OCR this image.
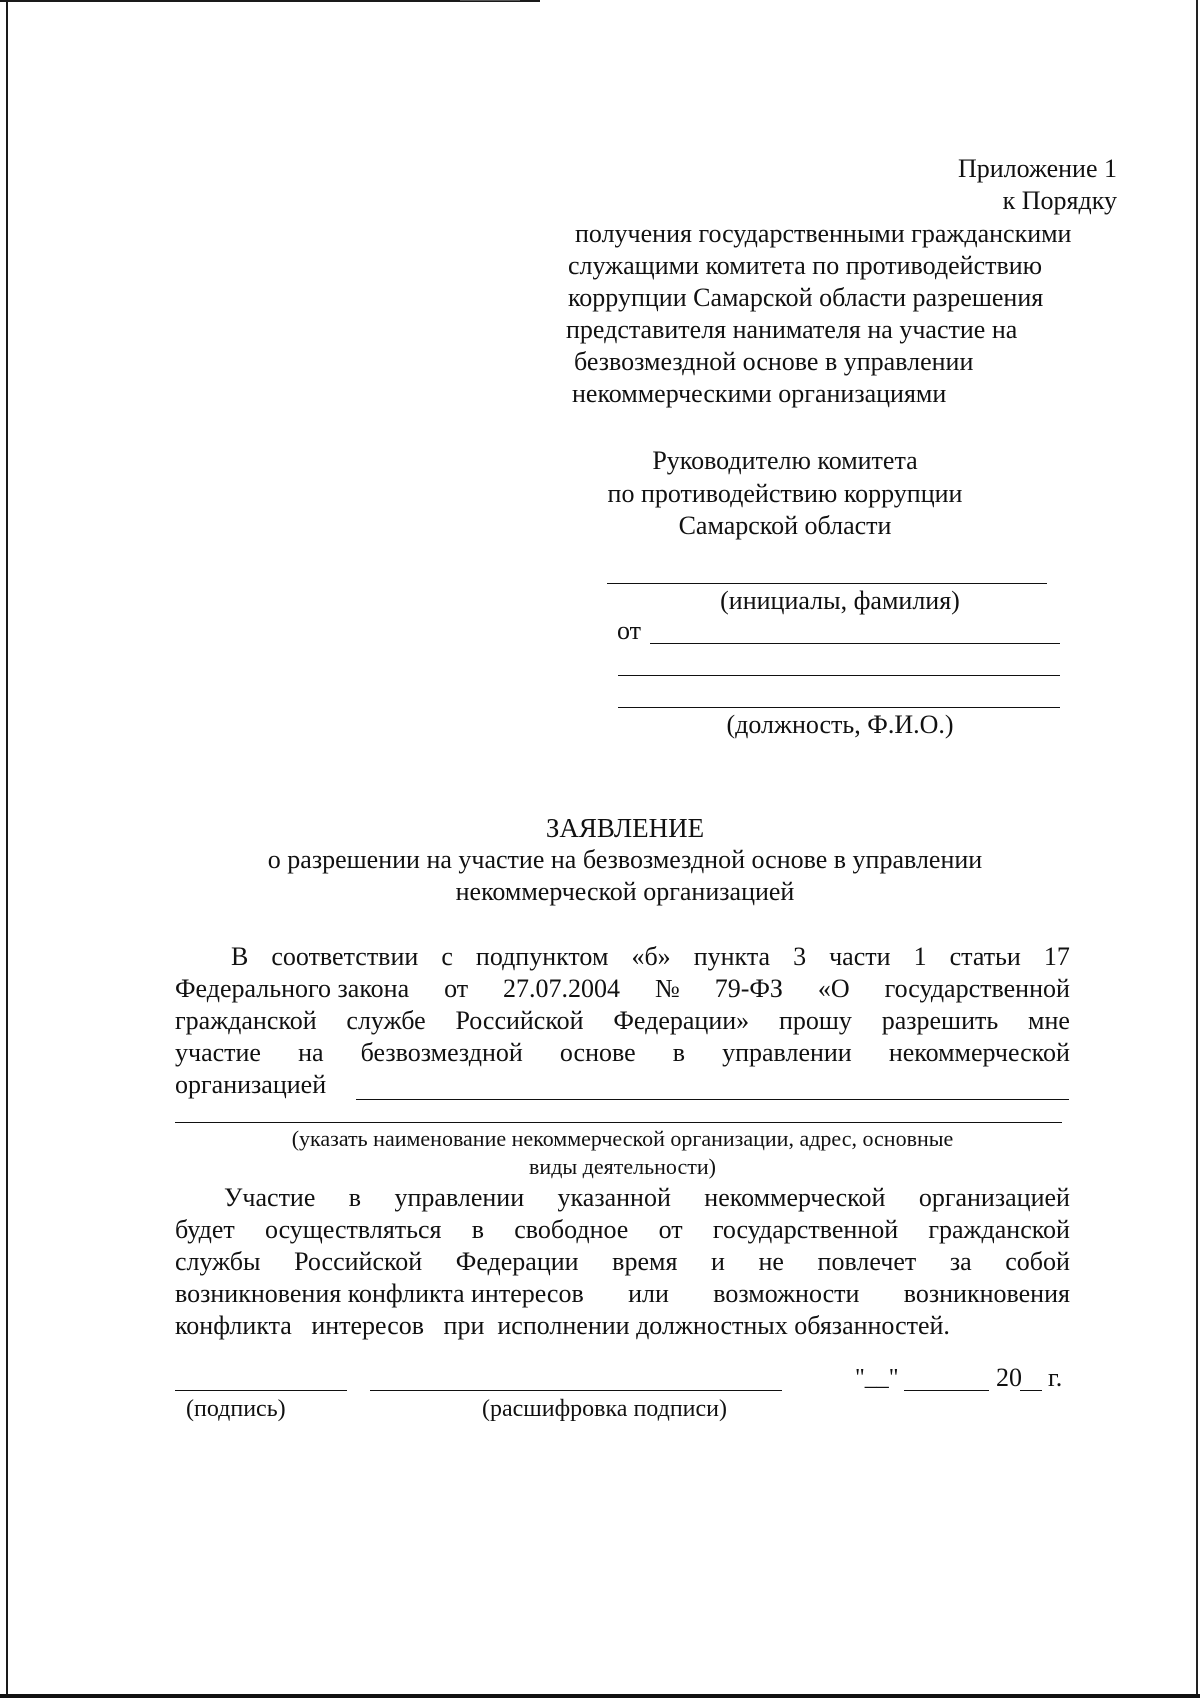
Приложение 1
к Порядку
получения государственными гражданскими
служащими комитета по противодействию
коррупции Самарской области разрешения
представителя нанимателя на участие на
безвозмездной основе в управлении
некоммерческими организациями
Руководителю комитета
по противодействию коррупции
Самарской области
(инициалы, фамилия)
от
(должность, Ф.И.О.)
ЗАЯВЛЕНИЕ
о разрешении на участие на безвозмездной основе в управлении
некоммерческой организацией
В соответствии с подпунктом «б» пункта 3 части 1 статьи 17
Федерального закона от 27.07.2004 № 79-ФЗ «О государственной
гражданской службе Российской Федерации» прошу разрешить мне
участие на безвозмездной основе в управлении некоммерческой
организацией
(указать наименование некоммерческой организации, адрес, основные
виды деятельности)
Участие в управлении указанной некоммерческой организацией
будет осуществляться в свободное от государственной гражданской
службы Российской Федерации время и не повлечет за собой
возникновения конфликта интересов или возможности возникновения
конфликта   интересов   при  исполнении должностных обязанностей.
"__"	20 г.
(подпись)	(расшифровка подписи)
